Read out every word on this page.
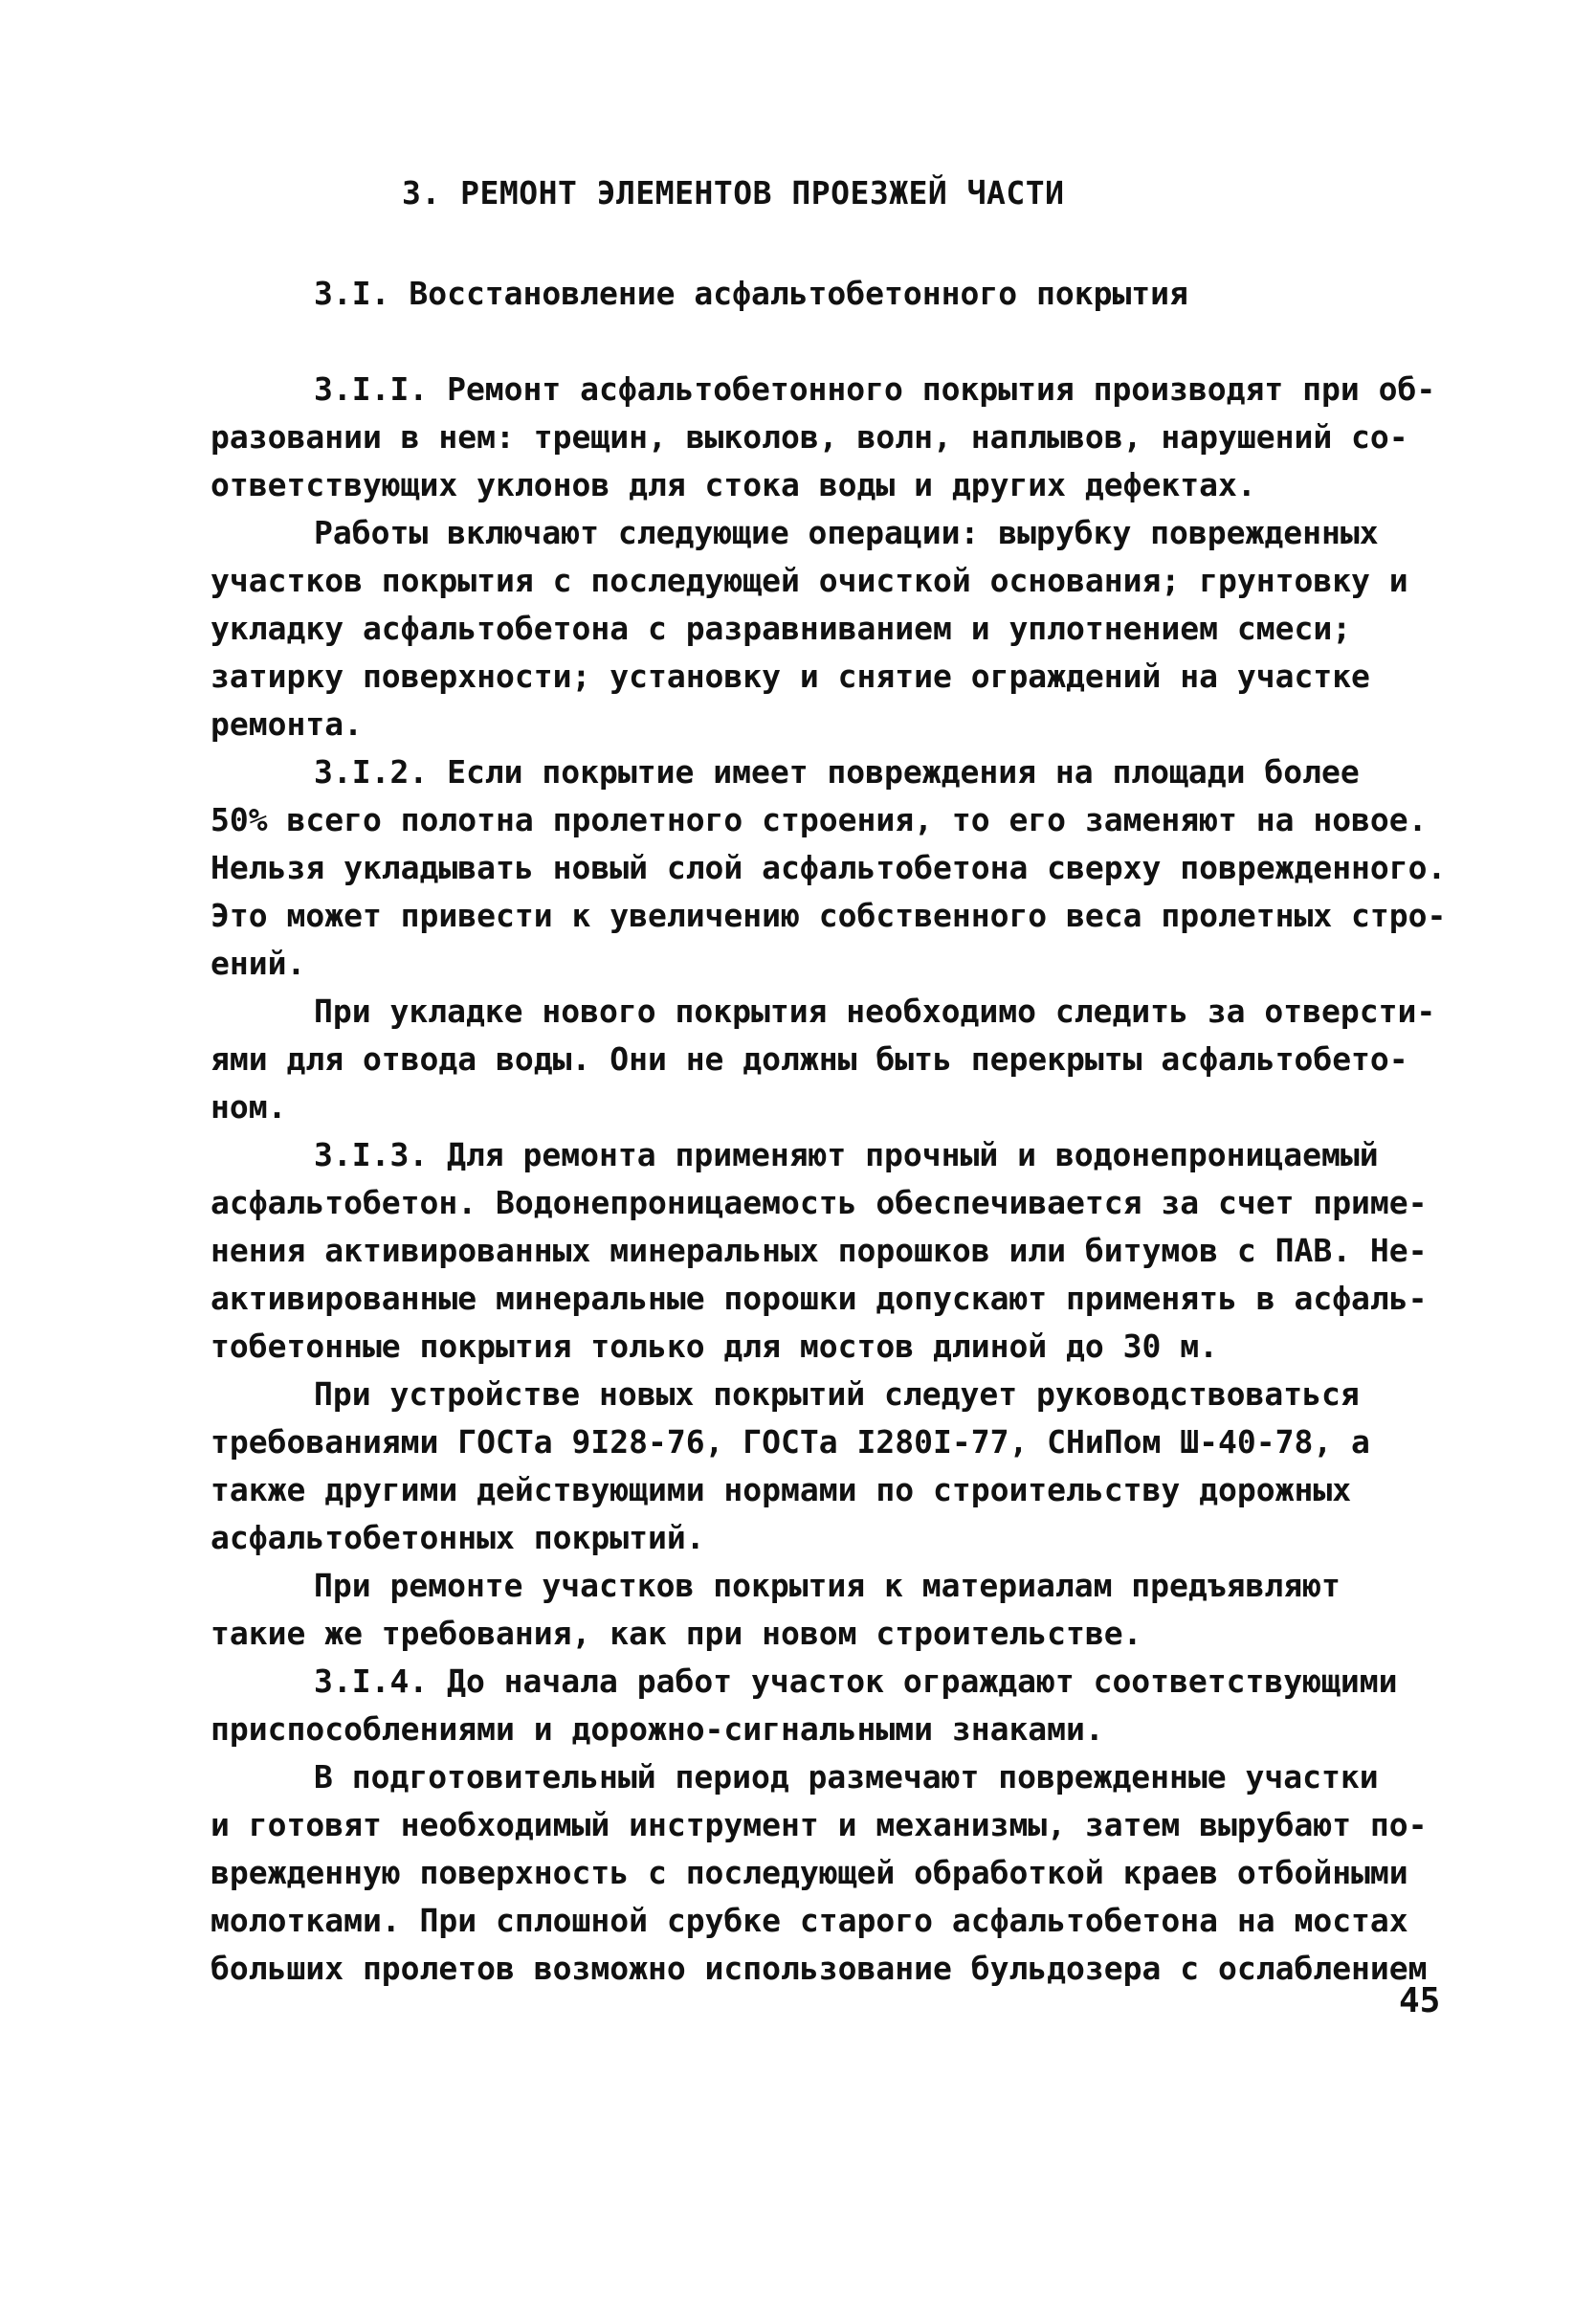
3. РЕМОНТ ЭЛЕМЕНТОВ ПРОЕЗЖЕЙ ЧАСТИ
3.I. Восстановление асфальтобетонного покрытия

3.I.I. Ремонт асфальтобетонного покрытия производят при об-

разовании в нем: трещин, выколов, волн, наплывов, нарушений со-

ответствующих уклонов для стока воды и других дефектах.

Работы включают следующие операции: вырубку поврежденных

участков покрытия с последующей очисткой основания; грунтовку и

укладку асфальтобетона с разравниванием и уплотнением смеси;

затирку поверхности; установку и снятие ограждений на участке

ремонта.

3.I.2. Если покрытие имеет повреждения на площади более

50% всего полотна пролетного строения, то его заменяют на новое.

Нельзя укладывать новый слой асфальтобетона сверху поврежденного.

Это может привести к увеличению собственного веса пролетных стро-

ений.

При укладке нового покрытия необходимо следить за отверсти-

ями для отвода воды. Они не должны быть перекрыты асфальтобето-

ном.

3.I.3. Для ремонта применяют прочный и водонепроницаемый

асфальтобетон. Водонепроницаемость обеспечивается за счет приме-

нения активированных минеральных порошков или битумов с ПАВ. Не-

активированные минеральные порошки допускают применять в асфаль-

тобетонные покрытия только для мостов длиной до 30 м.

При устройстве новых покрытий следует руководствоваться

требованиями ГОСТа 9I28-76, ГОСТа I280I-77, СНиПом Ш-40-78, а

также другими действующими нормами по строительству дорожных

асфальтобетонных покрытий.

При ремонте участков покрытия к материалам предъявляют

такие же требования, как при новом строительстве.

3.I.4. До начала работ участок ограждают соответствующими

приспособлениями и дорожно-сигнальными знаками.

В подготовительный период размечают поврежденные участки

и готовят необходимый инструмент и механизмы, затем вырубают по-

врежденную поверхность с последующей обработкой краев отбойными

молотками. При сплошной срубке старого асфальтобетона на мостах

больших пролетов возможно использование бульдозера с ослаблением

45
